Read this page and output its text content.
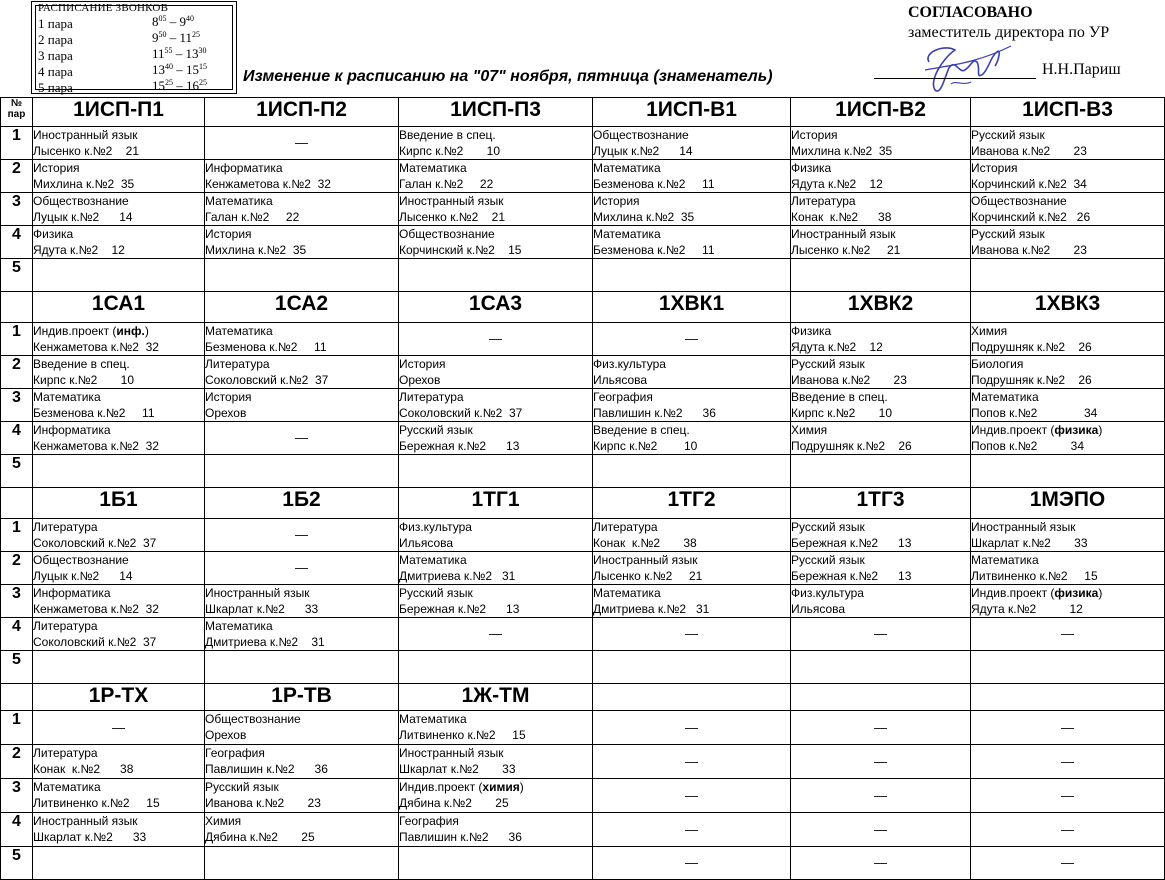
РАСПИСАНИЕ ЗВОНКОВ
1 пара	$8^{05} - 9^{40}$
2 пара	$9^{50} - 11^{25}$
3 пара	$11^{55} - 13^{30}$
4 пара	$13^{40} - 15^{15}$
5 пара	$15^{25} - 16^{25}$
СОГЛАСОВАНО
заместитель директора по УР
Н.Н.Париш
Изменение к расписанию на "07" ноября, пятница (знаменатель)
№
пар	1ИСП-П1	1ИСП-П2	1ИСП-П3	1ИСП-В1	1ИСП-В2	1ИСП-В3
1	Иностранный язык
Лысенко к.№2    21	—	Введение в спец.
Кирпс к.№2       10	Обществознание
Луцык к.№2      14	История
Михлина к.№2  35	Русский язык
Иванова к.№2       23

2	История
Михлина к.№2  35	Информатика
Кенжаметова к.№2  32	Математика
Галан к.№2     22	Математика
Безменова к.№2     11	Физика
Ядута к.№2    12	История
Корчинский к.№2  34

3	Обществознание
Луцык к.№2      14	Математика
Галан к.№2     22	Иностранный язык
Лысенко к.№2    21	История
Михлина к.№2  35	Литература
Конак  к.№2      38	Обществознание
Корчинский к.№2   26

4	Физика
Ядута к.№2    12	История
Михлина к.№2  35	Обществознание
Корчинский к.№2    15	Математика
Безменова к.№2     11	Иностранный язык
Лысенко к.№2     21	Русский язык
Иванова к.№2       23

5	

	1СА1	1СА2	1СА3	1ХВК1	1ХВК2	1ХВК3
1	Индив.проект (инф.)
Кенжаметова к.№2  32	Математика
Безменова к.№2     11	—	—	Физика
Ядута к.№2    12	Химия
Подрушняк к.№2    26

2	Введение в спец.
Кирпс к.№2       10	Литература
Соколовский к.№2  37	История
Орехов	Физ.культура
Ильясова	Русский язык
Иванова к.№2       23	Биология
Подрушняк к.№2    26

3	Математика
Безменова к.№2     11	История
Орехов	Литература
Соколовский к.№2  37	География
Павлишин к.№2      36	Введение в спец.
Кирпс к.№2       10	Математика
Попов к.№2              34

4	Информатика
Кенжаметова к.№2  32	—	Русский язык
Бережная к.№2      13	Введение в спец.
Кирпс к.№2        10	Химия
Подрушняк к.№2    26	Индив.проект (физика)
Попов к.№2          34

5	

	1Б1	1Б2	1ТГ1	1ТГ2	1ТГ3	1МЭПО
1	Литература
Соколовский к.№2  37	—	Физ.культура
Ильясова	Литература
Конак  к.№2       38	Русский язык
Бережная к.№2      13	Иностранный язык
Шкарлат к.№2       33

2	Обществознание
Луцык к.№2      14	—	Математика
Дмитриева к.№2   31	Иностранный язык
Лысенко к.№2     21	Русский язык
Бережная к.№2      13	Математика
Литвиненко к.№2     15

3	Информатика
Кенжаметова к.№2  32	Иностранный язык
Шкарлат к.№2      33	Русский язык
Бережная к.№2      13	Математика
Дмитриева к.№2   31	Физ.культура
Ильясова	Индив.проект (физика)
Ядута к.№2          12

4	Литература
Соколовский к.№2  37	Математика
Дмитриева к.№2    31	—	—	—	—
5	

	1Р-ТХ	1Р-ТВ	1Ж-ТМ			
1	—	Обществознание
Орехов	Математика
Литвиненко к.№2     15	—	—	—
2	Литература
Конак  к.№2      38	География
Павлишин к.№2      36	Иностранный язык
Шкарлат к.№2       33	—	—	—
3	Математика
Литвиненко к.№2     15	Русский язык
Иванова к.№2       23	Индив.проект (химия)
Дябина к.№2       25	—	—	—
4	Иностранный язык
Шкарлат к.№2      33	Химия
Дябина к.№2       25	География
Павлишин к.№2      36	—	—	—
5				—	—	—
